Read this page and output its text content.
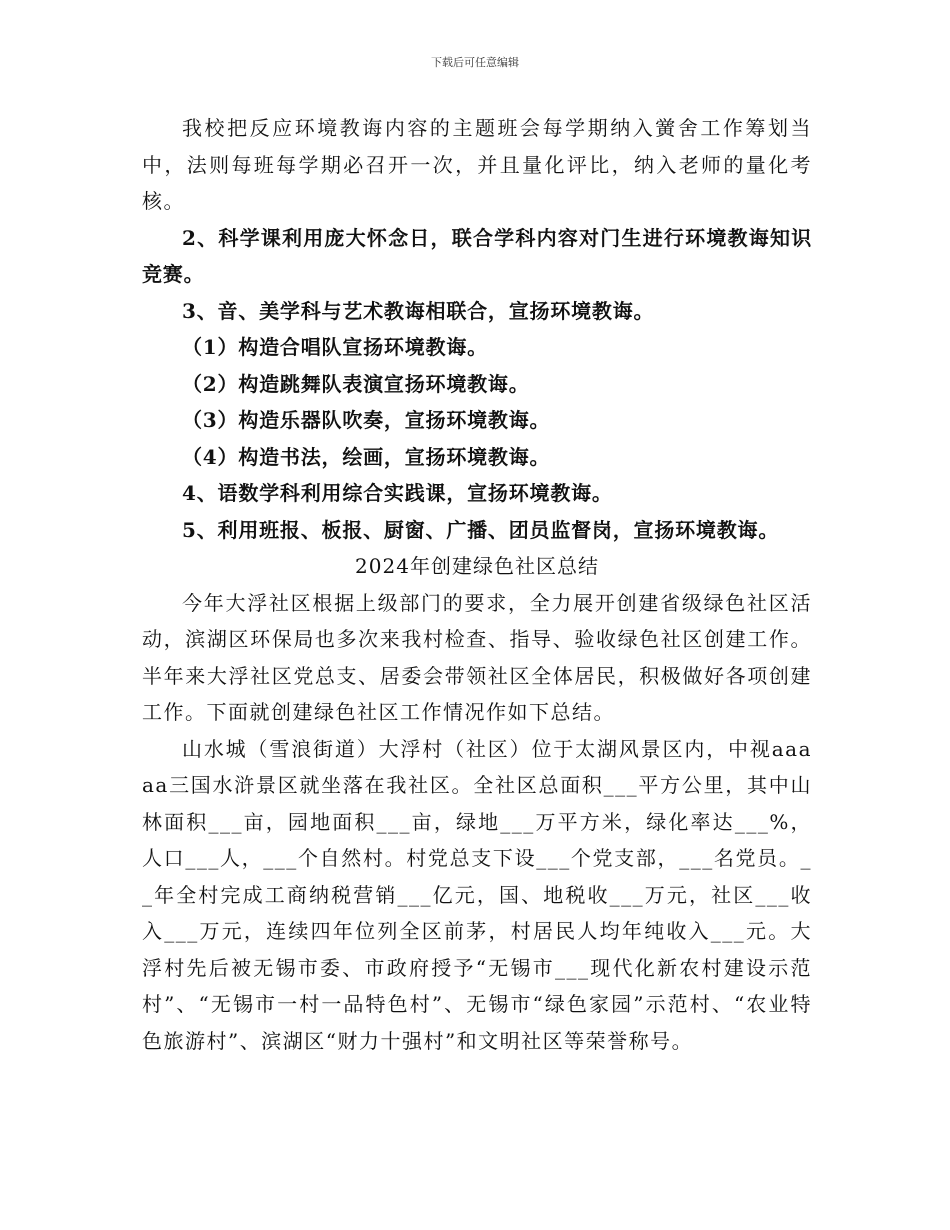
下载后可任意编辑

我校把反应环境教诲内容的主题班会每学期纳入黉舍工作筹划当中，法则每班每学期必召开一次，并且量化评比，纳入老师的量化考核。

2、科学课利用庞大怀念日，联合学科内容对门生进行环境教诲知识竞赛。

3、音、美学科与艺术教诲相联合，宣扬环境教诲。

（1）构造合唱队宣扬环境教诲。

（2）构造跳舞队表演宣扬环境教诲。

（3）构造乐器队吹奏，宣扬环境教诲。

（4）构造书法，绘画，宣扬环境教诲。

4、语数学科利用综合实践课，宣扬环境教诲。

5、利用班报、板报、厨窗、广播、团员监督岗，宣扬环境教诲。

2024年创建绿色社区总结

今年大浮社区根据上级部门的要求，全力展开创建省级绿色社区活动，滨湖区环保局也多次来我村检查、指导、验收绿色社区创建工作。半年来大浮社区党总支、居委会带领社区全体居民，积极做好各项创建工作。下面就创建绿色社区工作情况作如下总结。

山水城（雪浪街道）大浮村（社区）位于太湖风景区内，中视aaaaa三国水浒景区就坐落在我社区。全社区总面积___平方公里，其中山林面积___亩，园地面积___亩，绿地___万平方米，绿化率达___%，人口___人，___个自然村。村党总支下设___个党支部，___名党员。__年全村完成工商纳税营销___亿元，国、地税收___万元，社区___收入___万元，连续四年位列全区前茅，村居民人均年纯收入___元。大浮村先后被无锡市委、市政府授予“无锡市___现代化新农村建设示范村”、“无锡市一村一品特色村”、无锡市“绿色家园”示范村、“农业特色旅游村”、滨湖区“财力十强村”和文明社区等荣誉称号。
